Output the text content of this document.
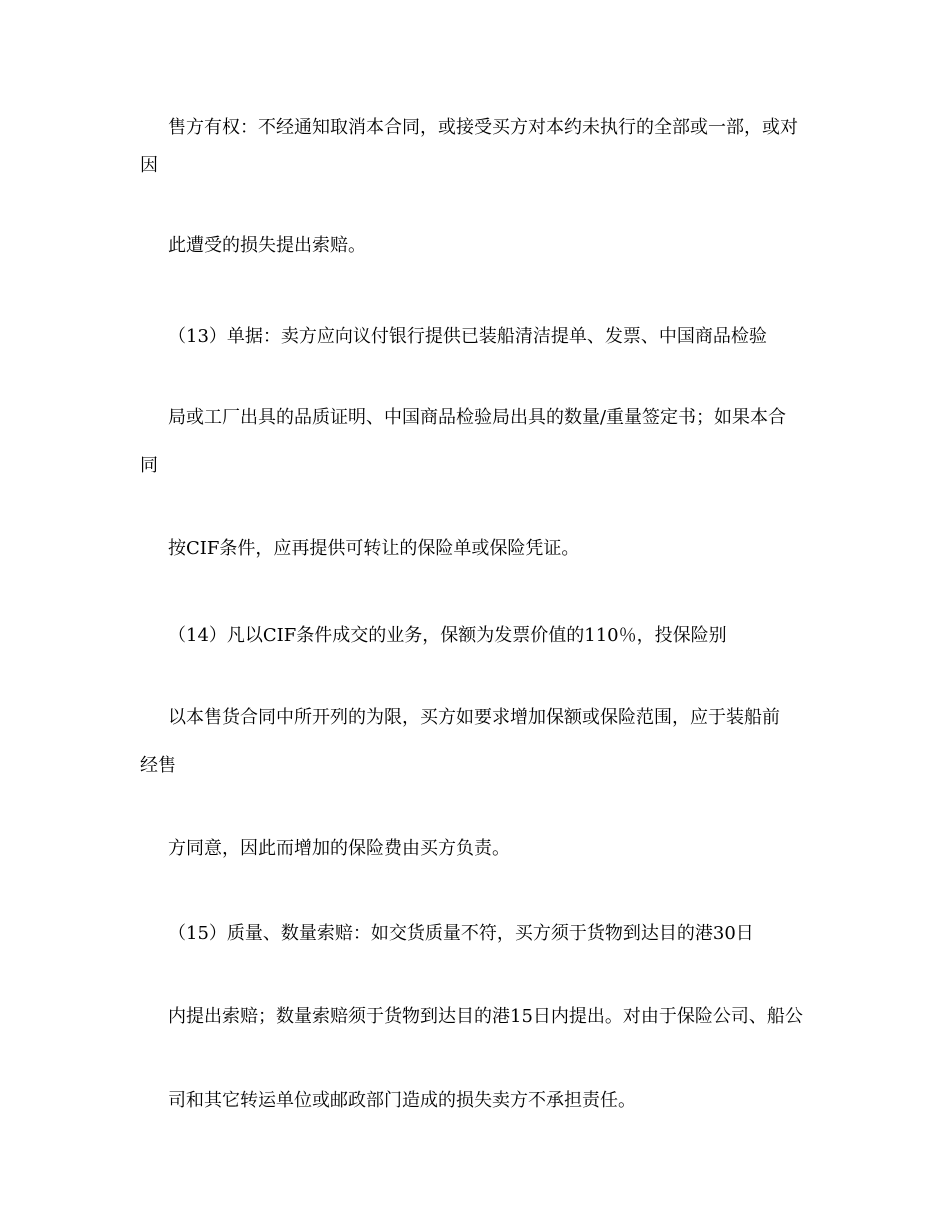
售方有权：不经通知取消本合同，或接受买方对本约未执行的全部或一部，或对
因
此遭受的损失提出索赔。
（13）单据：卖方应向议付银行提供已装船清洁提单、发票、中国商品检验
局或工厂出具的品质证明、中国商品检验局出具的数量/重量签定书；如果本合
同
按CIF条件，应再提供可转让的保险单或保险凭证。
（14）凡以CIF条件成交的业务，保额为发票价值的110％，投保险别
以本售货合同中所开列的为限，买方如要求增加保额或保险范围，应于装船前
经售
方同意，因此而增加的保险费由买方负责。
（15）质量、数量索赔：如交货质量不符，买方须于货物到达目的港30日
内提出索赔；数量索赔须于货物到达目的港15日内提出。对由于保险公司、船公
司和其它转运单位或邮政部门造成的损失卖方不承担责任。
